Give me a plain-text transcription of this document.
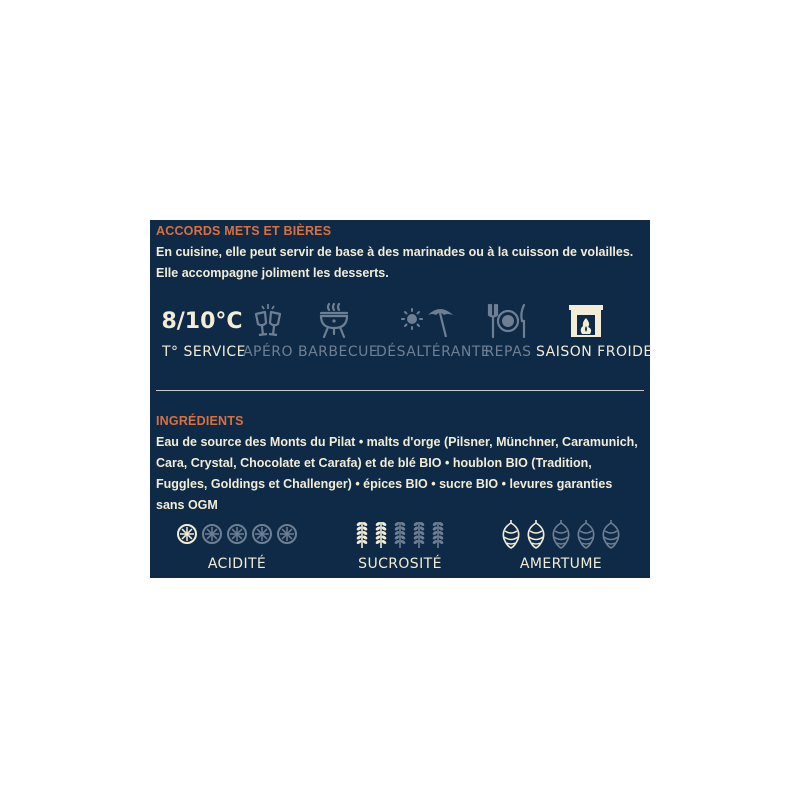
ACCORDS METS ET BIÈRES
En cuisine, elle peut servir de base à des marinades ou à la cuisson de volailles. Elle accompagne joliment les desserts.
8/10°C
T° SERVICE
APÉRO BARBECUE
DÉSALTÉRANTE
REPAS SAISON FROIDE
INGRÉDIENTS
Eau de source des Monts du Pilat • malts d'orge (Pilsner, Münchner, Caramunich, Cara, Crystal, Chocolate et Carafa) et de blé BIO • houblon BIO (Tradition, Fuggles, Goldings et Challenger) • épices BIO • sucre BIO • levures garanties sans OGM
ACIDITÉ	SUCROSITÉ	AMERTUME
